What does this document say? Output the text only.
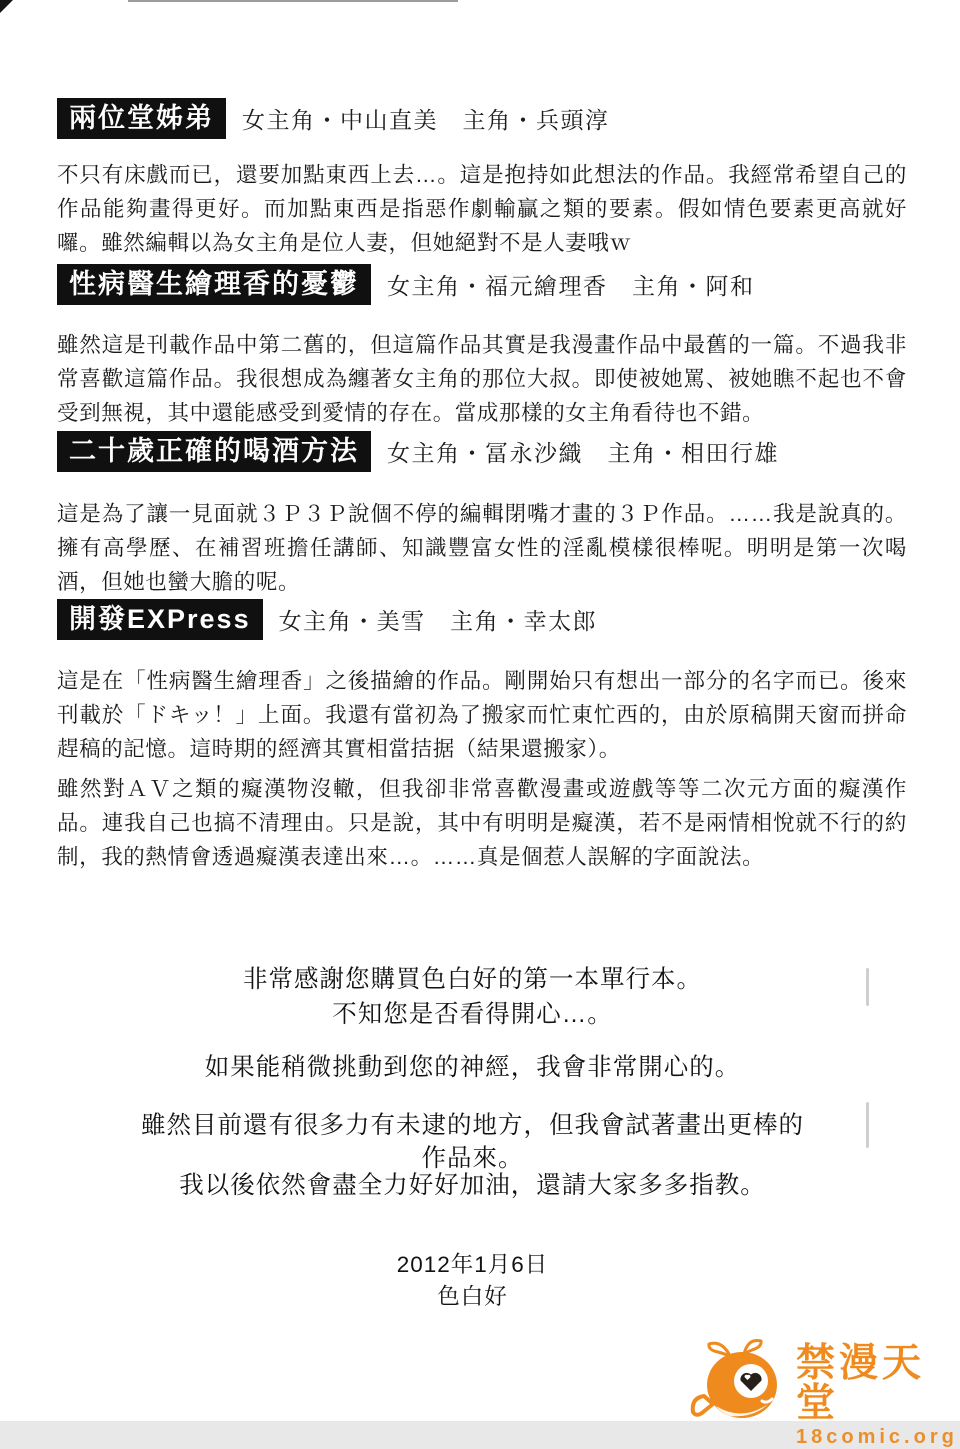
兩位堂姊弟	女主角・中山直美　主角・兵頭淳
不只有床戲而已，還要加點東西上去…。這是抱持如此想法的作品。我經常希望自己的作品能夠畫得更好。而加點東西是指惡作劇輸贏之類的要素。假如情色要素更高就好囉。雖然編輯以為女主角是位人妻，但她絕對不是人妻哦ｗ
性病醫生繪理香的憂鬱	女主角・福元繪理香　主角・阿和
雖然這是刊載作品中第二舊的，但這篇作品其實是我漫畫作品中最舊的一篇。不過我非常喜歡這篇作品。我很想成為纏著女主角的那位大叔。即使被她罵、被她瞧不起也不會受到無視，其中還能感受到愛情的存在。當成那樣的女主角看待也不錯。
二十歲正確的喝酒方法	女主角・冨永沙織　主角・相田行雄
這是為了讓一見面就３Ｐ３Ｐ說個不停的編輯閉嘴才畫的３Ｐ作品。……我是說真的。擁有高學歷、在補習班擔任講師、知識豐富女性的淫亂模樣很棒呢。明明是第一次喝酒，但她也蠻大膽的呢。
開發EXPress	女主角・美雪　主角・幸太郎
這是在「性病醫生繪理香」之後描繪的作品。剛開始只有想出一部分的名字而已。後來刊載於「ドキッ！」上面。我還有當初為了搬家而忙東忙西的，由於原稿開天窗而拼命趕稿的記憶。這時期的經濟其實相當拮据（結果還搬家）。
雖然對ＡＶ之類的癡漢物沒轍，但我卻非常喜歡漫畫或遊戲等等二次元方面的癡漢作品。連我自己也搞不清理由。只是說，其中有明明是癡漢，若不是兩情相悅就不行的約制，我的熱情會透過癡漢表達出來…。……真是個惹人誤解的字面說法。
非常感謝您購買色白好的第一本單行本。
不知您是否看得開心…。
如果能稍微挑動到您的神經，我會非常開心的。
雖然目前還有很多力有未逮的地方，但我會試著畫出更棒的
作品來。
我以後依然會盡全力好好加油，還請大家多多指教。
2012年1月6日
色白好
禁漫天堂
18comic.org
